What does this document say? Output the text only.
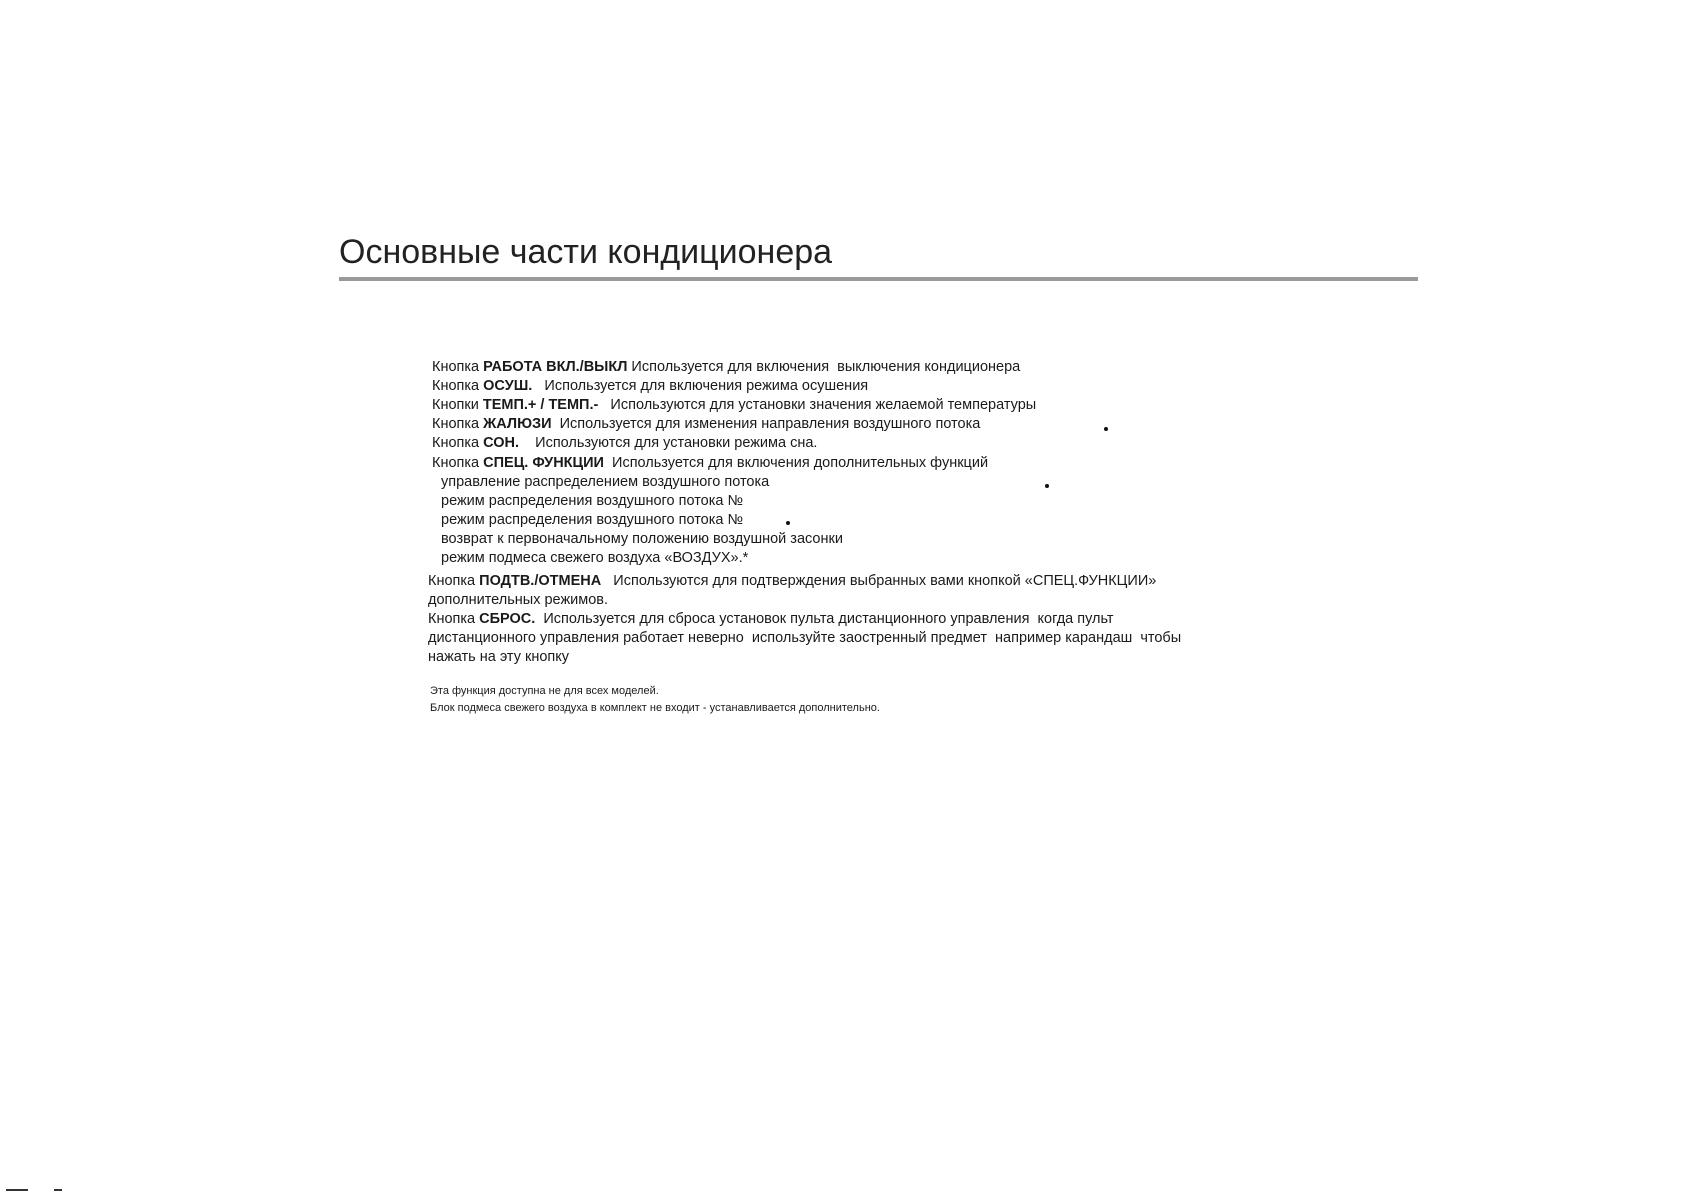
Основные части кондиционера
Кнопка РАБОТА ВКЛ./ВЫКЛ Используется для включения  выключения кондиционера
Кнопка ОСУШ.   Используется для включения режима осушения
Кнопки ТЕМП.+ / ТЕМП.-   Используются для установки значения желаемой температуры
Кнопка ЖАЛЮЗИ  Используется для изменения направления воздушного потока
Кнопка СОН.    Используются для установки режима сна.
Кнопка СПЕЦ. ФУНКЦИИ  Используется для включения дополнительных функций
управление распределением воздушного потока
режим распределения воздушного потока №
режим распределения воздушного потока №
возврат к первоначальному положению воздушной засонки
режим подмеса свежего воздуха «ВОЗДУХ».*
Кнопка ПОДТВ./ОТМЕНА   Используются для подтверждения выбранных вами кнопкой «СПЕЦ.ФУНКЦИИ»
дополнительных режимов.
Кнопка СБРОС.  Используется для сброса установок пульта дистанционного управления  когда пульт
дистанционного управления работает неверно  используйте заостренный предмет  например карандаш  чтобы
нажать на эту кнопку
Эта функция доступна не для всех моделей.
Блок подмеса свежего воздуха в комплект не входит - устанавливается дополнительно.
